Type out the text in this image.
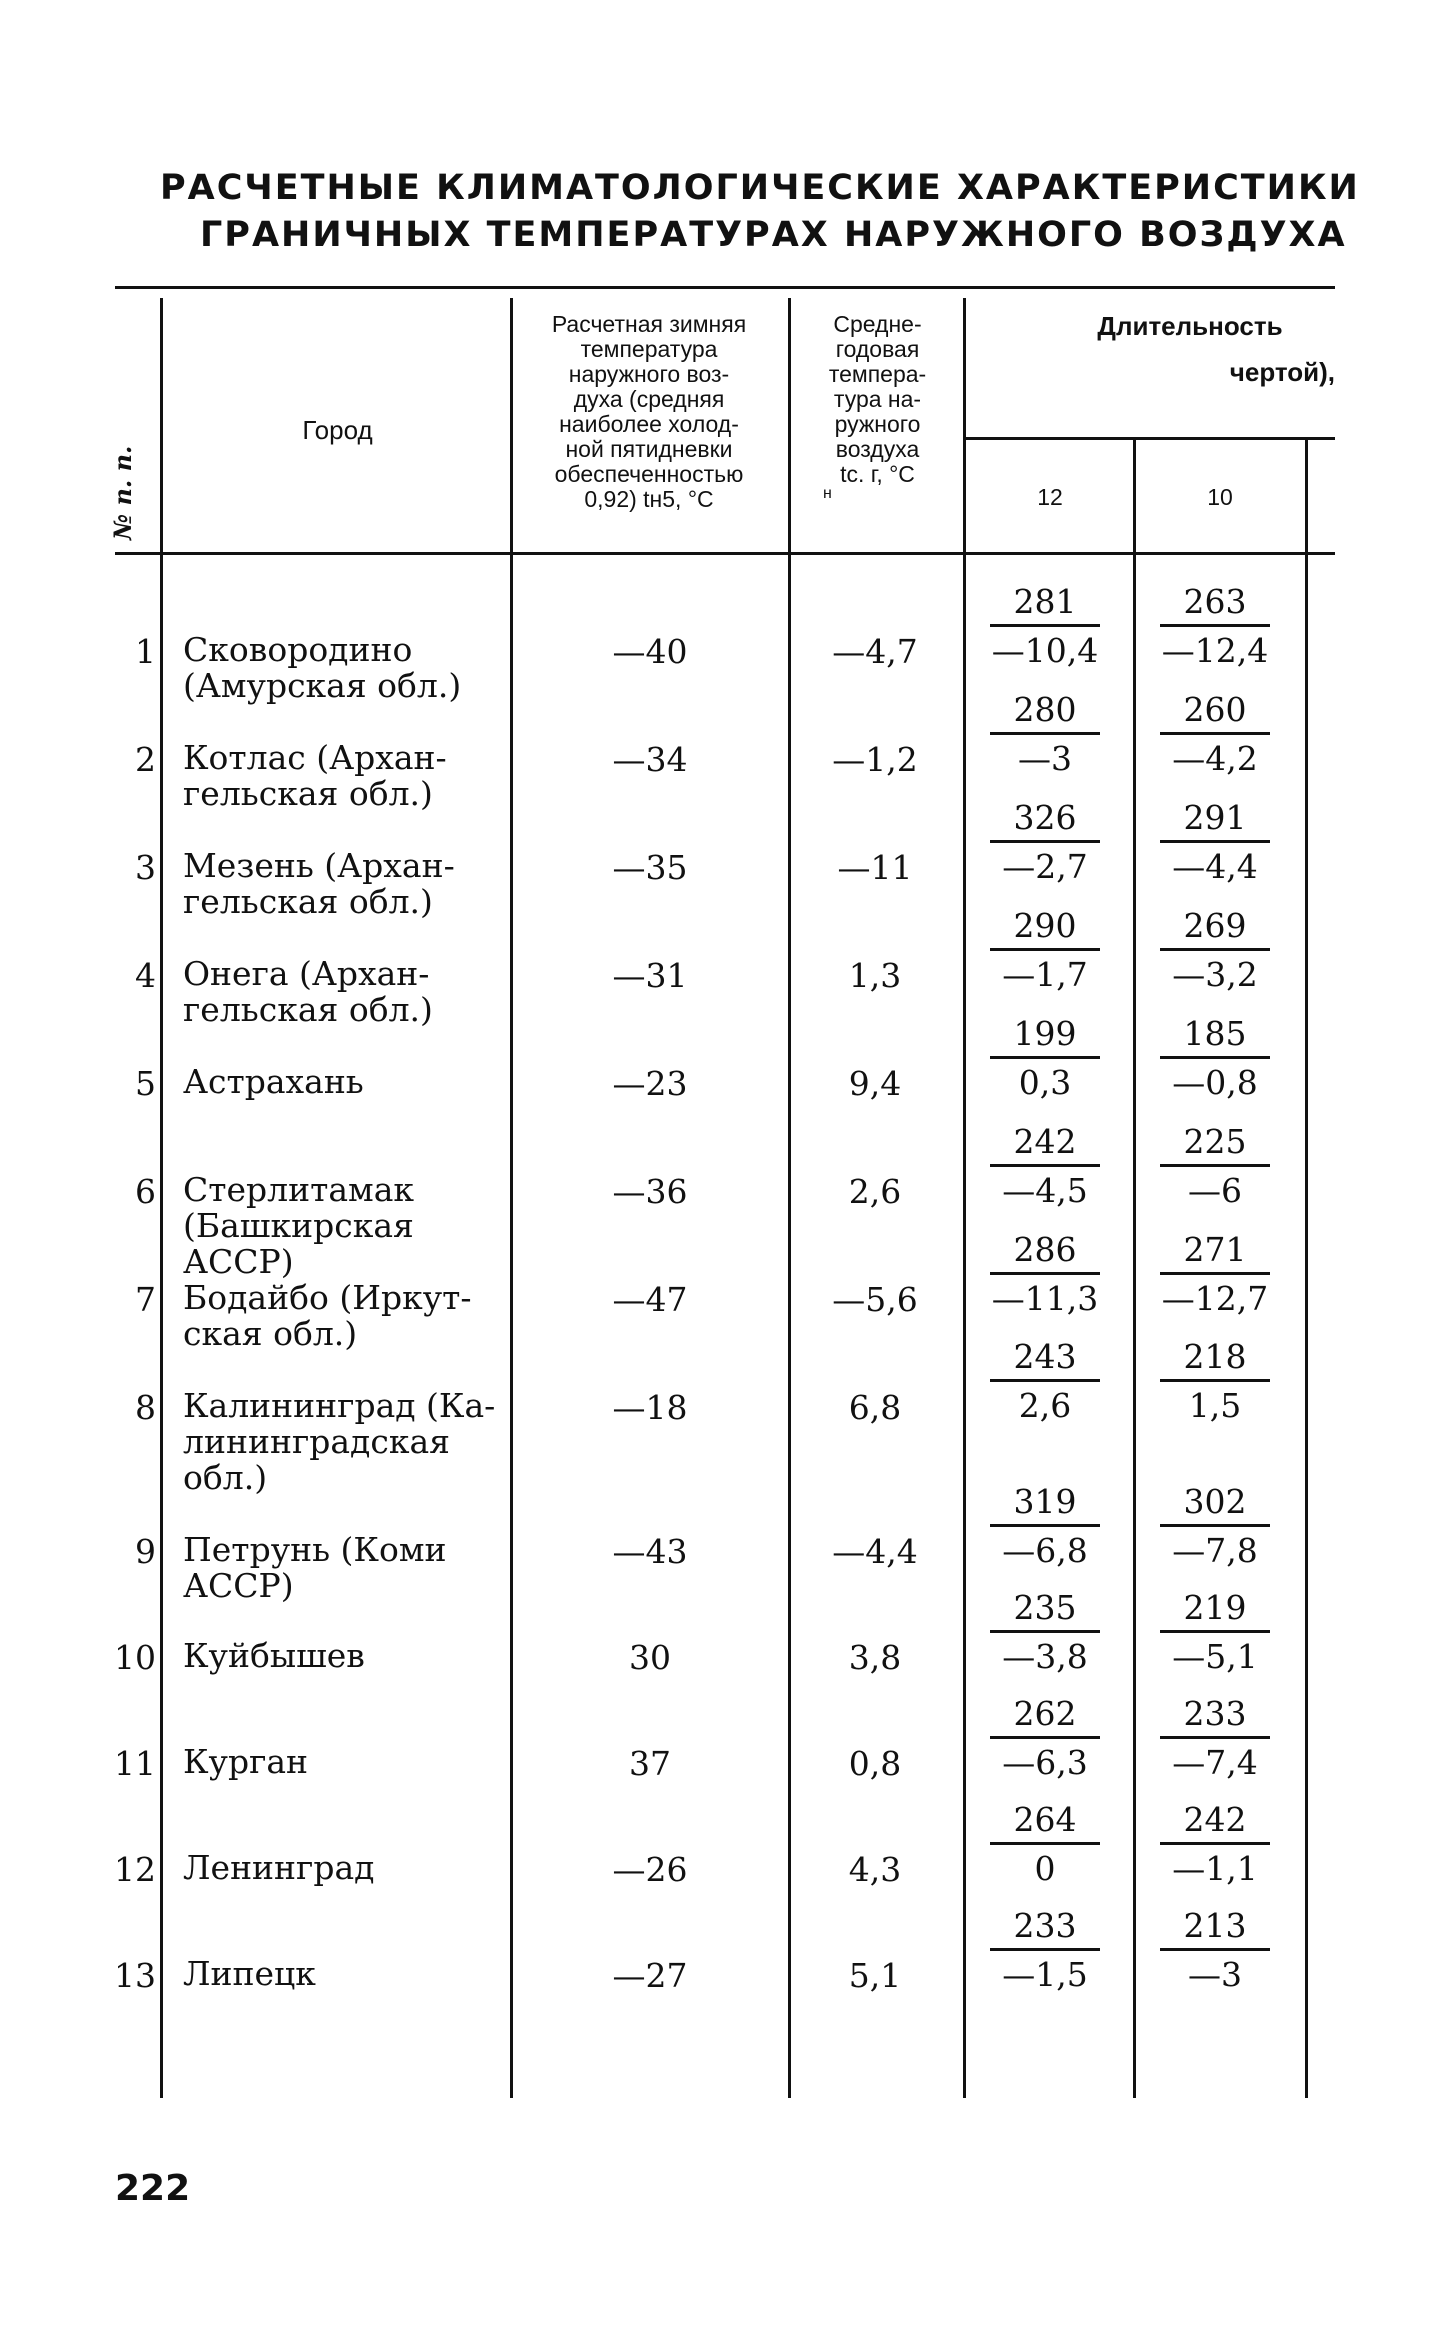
РАСЧЕТНЫЕ КЛИМАТОЛОГИЧЕСКИЕ ХАРАКТЕРИСТИКИ
ГРАНИЧНЫХ ТЕМПЕРАТУРАХ НАРУЖНОГО ВОЗДУХА
№ п. п.
Город
Расчетная зимняя
температура
наружного воз-
духа (средняя
наиболее холод-
ной пятидневки
обеспеченностью
0,92) tн5, °C
Средне-
годовая
темпера-
тура на-
ружного
воздуха
tс. г, °C
н
Длительность
чертой),
12	10
1 Сковородино
(Амурская обл.)
—40	—4,7	$\frac{281}{—10,4} \frac{263}{—12,4}$
2 Котлас (Архан-
гельская обл.)
—34	—1,2	$\frac{280}{—3} \frac{260}{—4,2}$
3 Мезень (Архан-
гельская обл.)
—35	—11	$\frac{326}{—2,7} \frac{291}{—4,4}$
4 Онега (Архан-
гельская обл.)
—31	1,3	$\frac{290}{—1,7} \frac{269}{—3,2}$
5 Астрахань	—23	9,4	$\frac{199}{0,3} \frac{185}{—0,8}$
6 Стерлитамак
(Башкирская
АССР)
—36	2,6	$\frac{242}{—4,5} \frac{225}{—6}$
7 Бодайбо (Иркут-
ская обл.)
—47	—5,6	$\frac{286}{—11,3} \frac{271}{—12,7}$
8 Калининград (Ка-
лининградская
обл.)
—18	6,8	$\frac{243}{2,6} \frac{218}{1,5}$
9 Петрунь (Коми
АССР)
—43	—4,4	$\frac{319}{—6,8} \frac{302}{—7,8}$
10 Куйбышев	30	3,8	$\frac{235}{—3,8} \frac{219}{—5,1}$
11 Курган	37	0,8	$\frac{262}{—6,3} \frac{233}{—7,4}$
12 Ленинград	—26	4,3	$\frac{264}{0} \frac{242}{—1,1}$
13 Липецк	—27	5,1	$\frac{233}{—1,5} \frac{213}{—3}$
222
